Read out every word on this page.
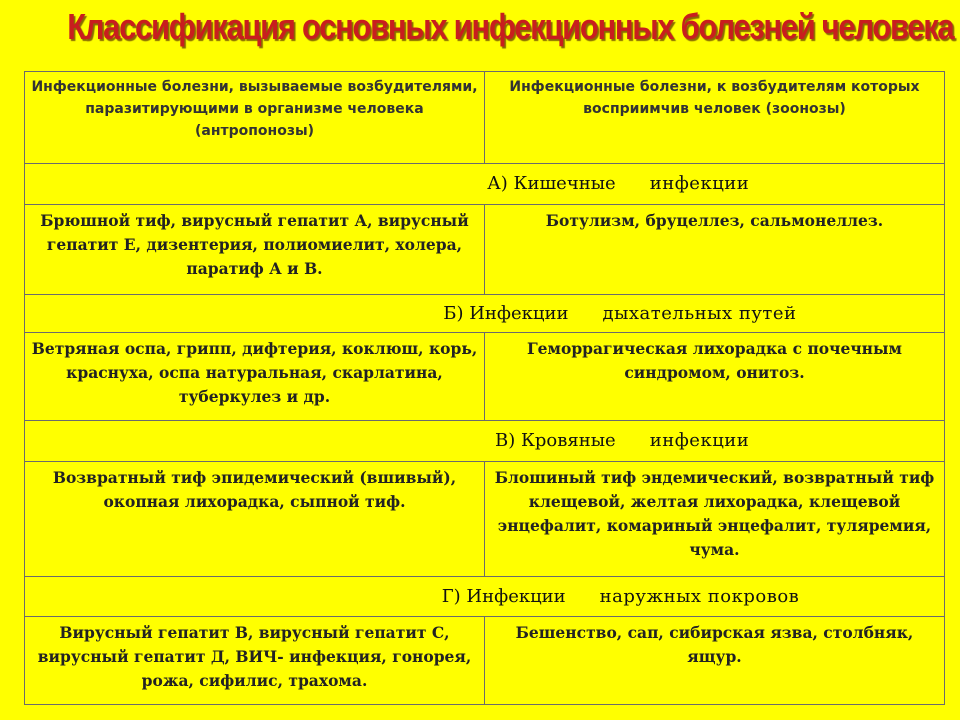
Классификация основных инфекционных болезней человека
Инфекционные болезни, вызываемые возбудителями, паразитирующими в организме человека (антропонозы)	Инфекционные болезни, к возбудителям которых восприимчив человек (зоонозы)

А) Кишечные инфекции	

Брюшной тиф, вирусный гепатит А, вирусный гепатит Е, дизентерия, полиомиелит, холера, паратиф А и В.	Ботулизм, бруцеллез, сальмонеллез.

Б) Инфекции дыхательных путей	

Ветряная оспа, грипп, дифтерия, коклюш, корь, краснуха, оспа натуральная, скарлатина, туберкулез и др.	Геморрагическая лихорадка с почечным синдромом, онитоз.

В) Кровяные инфекции	

Возвратный тиф эпидемический (вшивый), окопная лихорадка, сыпной тиф.	Блошиный тиф эндемический, возвратный тиф клещевой, желтая лихорадка, клещевой энцефалит, комариный энцефалит, туляремия, чума.

Г) Инфекции наружных покровов	

Вирусный гепатит В, вирусный гепатит С, вирусный гепатит Д, ВИЧ- инфекция, гонорея, рожа, сифилис, трахома.	Бешенство, сап, сибирская язва, столбняк, ящур.
